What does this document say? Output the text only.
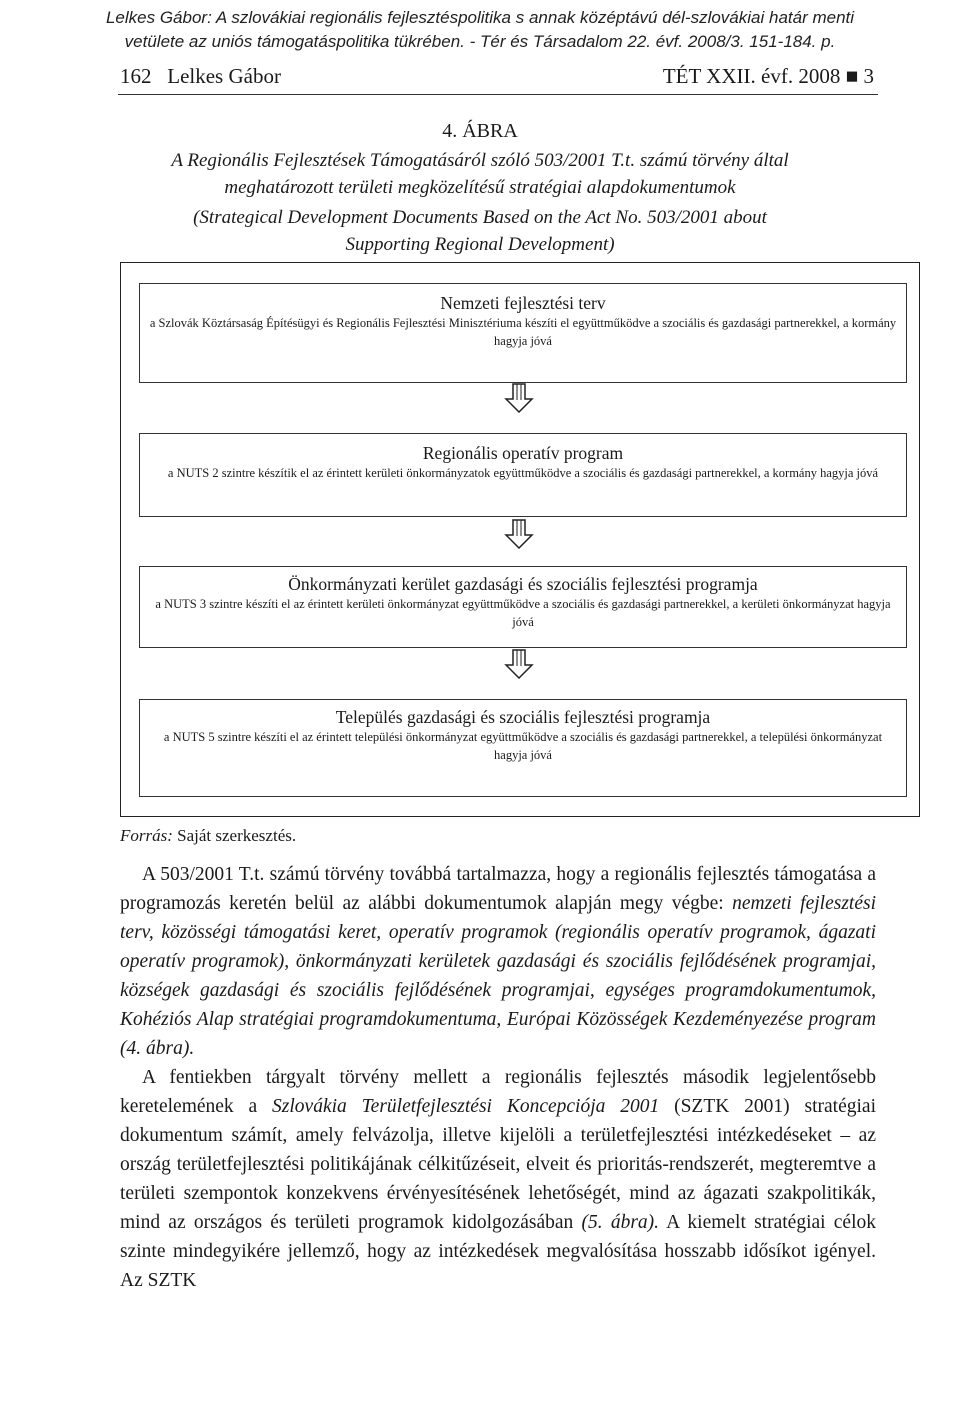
Lelkes Gábor: A szlovákiai regionális fejlesztéspolitika s annak középtávú dél-szlovákiai határ menti
vetülete az uniós támogatáspolitika tükrében. - Tér és Társadalom 22. évf. 2008/3. 151-184. p.
162   Lelkes Gábor	TÉT XXII. évf. 2008 ■ 3
4. ÁBRA
A Regionális Fejlesztések Támogatásáról szóló 503/2001 T.t. számú törvény által meghatározott területi megközelítésű stratégiai alapdokumentumok
(Strategical Development Documents Based on the Act No. 503/2001 about Supporting Regional Development)
Nemzeti fejlesztési terv
a Szlovák Köztársaság Építésügyi és Regionális Fejlesztési Minisztériuma készíti el együttműködve a szociális és gazdasági partnerekkel, a kormány hagyja jóvá
Regionális operatív program
a NUTS 2 szintre készítik el az érintett kerületi önkormányzatok együttműködve a szociális és gazdasági partnerekkel, a kormány hagyja jóvá
Önkormányzati kerület gazdasági és szociális fejlesztési programja
a NUTS 3 szintre készíti el az érintett kerületi önkormányzat együttműködve a szociális és gazdasági partnerekkel, a kerületi önkormányzat hagyja jóvá
Település gazdasági és szociális fejlesztési programja
a NUTS 5 szintre készíti el az érintett települési önkormányzat együttműködve a szociális és gazdasági partnerekkel, a települési önkormányzat hagyja jóvá
Forrás: Saját szerkesztés.

A 503/2001 T.t. számú törvény továbbá tartalmazza, hogy a regionális fejlesztés támogatása a programozás keretén belül az alábbi dokumentumok alapján megy végbe: nemzeti fejlesztési terv, közösségi támogatási keret, operatív programok (regionális operatív programok, ágazati operatív programok), önkormányzati kerületek gazdasági és szociális fejlődésének programjai, községek gazdasági és szociális fejlődésének programjai, egységes programdokumentumok, Kohéziós Alap stratégiai programdokumentuma, Európai Közösségek Kezdeményezése program (4. ábra).

A fentiekben tárgyalt törvény mellett a regionális fejlesztés második legjelentősebb keretelemének a Szlovákia Területfejlesztési Koncepciója 2001 (SZTK 2001) stratégiai dokumentum számít, amely felvázolja, illetve kijelöli a területfejlesztési intézkedéseket – az ország területfejlesztési politikájának célkitűzéseit, elveit és prioritás-rendszerét, megteremtve a területi szempontok konzekvens érvényesítésének lehetőségét, mind az ágazati szakpolitikák, mind az országos és területi programok kidolgozásában (5. ábra). A kiemelt stratégiai célok szinte mindegyikére jellemző, hogy az intézkedések megvalósítása hosszabb idősíkot igényel. Az SZTK
